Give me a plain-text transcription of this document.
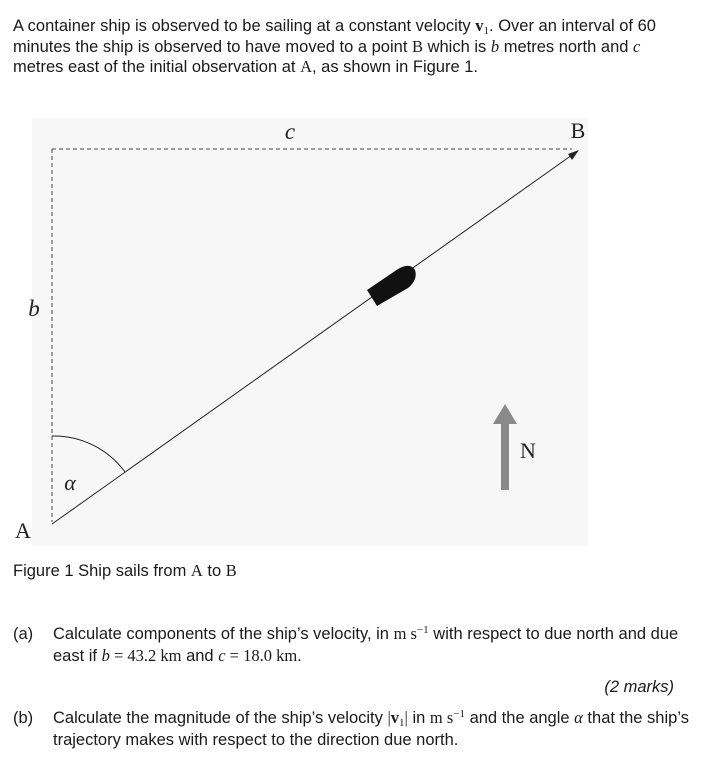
A container ship is observed to be sailing at a constant velocity $v_1$. Over an interval of 60 minutes the ship is observed to have moved to a point B which is b metres north and c metres east of the initial observation at A, as shown in Figure 1.

c	B
b
α
A
N

Figure 1 Ship sails from A to B

(a) Calculate components of the ship’s velocity, in m $s^{-1}$ with respect to due north and due east if b = 43.2 km and c = 18.0 km.
(2 marks)
(b) Calculate the magnitude of the ship’s velocity $|v_1|$ in m $s^{-1}$ and the angle α that the ship’s trajectory makes with respect to the direction due north.
